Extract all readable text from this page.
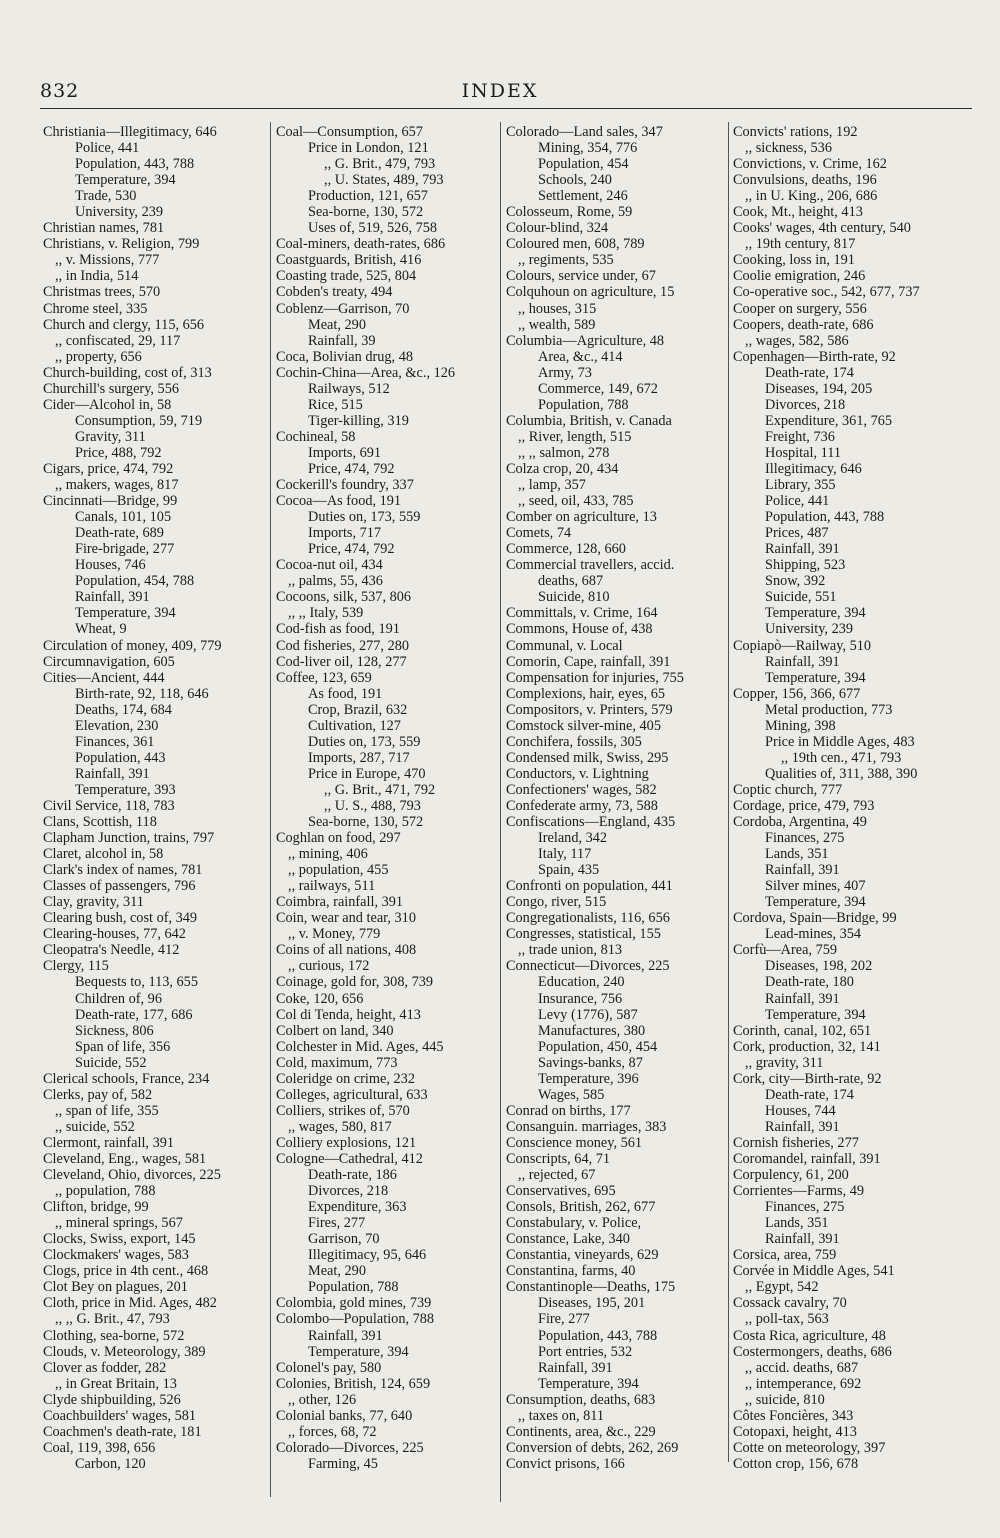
832	INDEX
Christiania—Illegitimacy, 646
Police, 441
Population, 443, 788
Temperature, 394
Trade, 530
University, 239
Christian names, 781
Christians, v. Religion, 799
,, v. Missions, 777
,, in India, 514
Christmas trees, 570
Chrome steel, 335
Church and clergy, 115, 656
,, confiscated, 29, 117
,, property, 656
Church-building, cost of, 313
Churchill's surgery, 556
Cider—Alcohol in, 58
Consumption, 59, 719
Gravity, 311
Price, 488, 792
Cigars, price, 474, 792
,, makers, wages, 817
Cincinnati—Bridge, 99
Canals, 101, 105
Death-rate, 689
Fire-brigade, 277
Houses, 746
Population, 454, 788
Rainfall, 391
Temperature, 394
Wheat, 9
Circulation of money, 409, 779
Circumnavigation, 605
Cities—Ancient, 444
Birth-rate, 92, 118, 646
Deaths, 174, 684
Elevation, 230
Finances, 361
Population, 443
Rainfall, 391
Temperature, 393
Civil Service, 118, 783
Clans, Scottish, 118
Clapham Junction, trains, 797
Claret, alcohol in, 58
Clark's index of names, 781
Classes of passengers, 796
Clay, gravity, 311
Clearing bush, cost of, 349
Clearing-houses, 77, 642
Cleopatra's Needle, 412
Clergy, 115
Bequests to, 113, 655
Children of, 96
Death-rate, 177, 686
Sickness, 806
Span of life, 356
Suicide, 552
Clerical schools, France, 234
Clerks, pay of, 582
,, span of life, 355
,, suicide, 552
Clermont, rainfall, 391
Cleveland, Eng., wages, 581
Cleveland, Ohio, divorces, 225
,, population, 788
Clifton, bridge, 99
,, mineral springs, 567
Clocks, Swiss, export, 145
Clockmakers' wages, 583
Clogs, price in 4th cent., 468
Clot Bey on plagues, 201
Cloth, price in Mid. Ages, 482
,, ,, G. Brit., 47, 793
Clothing, sea-borne, 572
Clouds, v. Meteorology, 389
Clover as fodder, 282
,, in Great Britain, 13
Clyde shipbuilding, 526
Coachbuilders' wages, 581
Coachmen's death-rate, 181
Coal, 119, 398, 656
Carbon, 120
Coal—Consumption, 657
Price in London, 121
,, G. Brit., 479, 793
,, U. States, 489, 793
Production, 121, 657
Sea-borne, 130, 572
Uses of, 519, 526, 758
Coal-miners, death-rates, 686
Coastguards, British, 416
Coasting trade, 525, 804
Cobden's treaty, 494
Coblenz—Garrison, 70
Meat, 290
Rainfall, 39
Coca, Bolivian drug, 48
Cochin-China—Area, &c., 126
Railways, 512
Rice, 515
Tiger-killing, 319
Cochineal, 58
Imports, 691
Price, 474, 792
Cockerill's foundry, 337
Cocoa—As food, 191
Duties on, 173, 559
Imports, 717
Price, 474, 792
Cocoa-nut oil, 434
,, palms, 55, 436
Cocoons, silk, 537, 806
,, ,, Italy, 539
Cod-fish as food, 191
Cod fisheries, 277, 280
Cod-liver oil, 128, 277
Coffee, 123, 659
As food, 191
Crop, Brazil, 632
Cultivation, 127
Duties on, 173, 559
Imports, 287, 717
Price in Europe, 470
,, G. Brit., 471, 792
,, U. S., 488, 793
Sea-borne, 130, 572
Coghlan on food, 297
,, mining, 406
,, population, 455
,, railways, 511
Coimbra, rainfall, 391
Coin, wear and tear, 310
,, v. Money, 779
Coins of all nations, 408
,, curious, 172
Coinage, gold for, 308, 739
Coke, 120, 656
Col di Tenda, height, 413
Colbert on land, 340
Colchester in Mid. Ages, 445
Cold, maximum, 773
Coleridge on crime, 232
Colleges, agricultural, 633
Colliers, strikes of, 570
,, wages, 580, 817
Colliery explosions, 121
Cologne—Cathedral, 412
Death-rate, 186
Divorces, 218
Expenditure, 363
Fires, 277
Garrison, 70
Illegitimacy, 95, 646
Meat, 290
Population, 788
Colombia, gold mines, 739
Colombo—Population, 788
Rainfall, 391
Temperature, 394
Colonel's pay, 580
Colonies, British, 124, 659
,, other, 126
Colonial banks, 77, 640
,, forces, 68, 72
Colorado—Divorces, 225
Farming, 45
Colorado—Land sales, 347
Mining, 354, 776
Population, 454
Schools, 240
Settlement, 246
Colosseum, Rome, 59
Colour-blind, 324
Coloured men, 608, 789
,, regiments, 535
Colours, service under, 67
Colquhoun on agriculture, 15
,, houses, 315
,, wealth, 589
Columbia—Agriculture, 48
Area, &c., 414
Army, 73
Commerce, 149, 672
Population, 788
Columbia, British, v. Canada
,, River, length, 515
,, ,, salmon, 278
Colza crop, 20, 434
,, lamp, 357
,, seed, oil, 433, 785
Comber on agriculture, 13
Comets, 74
Commerce, 128, 660
Commercial travellers, accid.
deaths, 687
Suicide, 810
Committals, v. Crime, 164
Commons, House of, 438
Communal, v. Local
Comorin, Cape, rainfall, 391
Compensation for injuries, 755
Complexions, hair, eyes, 65
Compositors, v. Printers, 579
Comstock silver-mine, 405
Conchifera, fossils, 305
Condensed milk, Swiss, 295
Conductors, v. Lightning
Confectioners' wages, 582
Confederate army, 73, 588
Confiscations—England, 435
Ireland, 342
Italy, 117
Spain, 435
Confronti on population, 441
Congo, river, 515
Congregationalists, 116, 656
Congresses, statistical, 155
,, trade union, 813
Connecticut—Divorces, 225
Education, 240
Insurance, 756
Levy (1776), 587
Manufactures, 380
Population, 450, 454
Savings-banks, 87
Temperature, 396
Wages, 585
Conrad on births, 177
Consanguin. marriages, 383
Conscience money, 561
Conscripts, 64, 71
,, rejected, 67
Conservatives, 695
Consols, British, 262, 677
Constabulary, v. Police,
Constance, Lake, 340
Constantia, vineyards, 629
Constantina, farms, 40
Constantinople—Deaths, 175
Diseases, 195, 201
Fire, 277
Population, 443, 788
Port entries, 532
Rainfall, 391
Temperature, 394
Consumption, deaths, 683
,, taxes on, 811
Continents, area, &c., 229
Conversion of debts, 262, 269
Convict prisons, 166
Convicts' rations, 192
,, sickness, 536
Convictions, v. Crime, 162
Convulsions, deaths, 196
,, in U. King., 206, 686
Cook, Mt., height, 413
Cooks' wages, 4th century, 540
,, 19th century, 817
Cooking, loss in, 191
Coolie emigration, 246
Co-operative soc., 542, 677, 737
Cooper on surgery, 556
Coopers, death-rate, 686
,, wages, 582, 586
Copenhagen—Birth-rate, 92
Death-rate, 174
Diseases, 194, 205
Divorces, 218
Expenditure, 361, 765
Freight, 736
Hospital, 111
Illegitimacy, 646
Library, 355
Police, 441
Population, 443, 788
Prices, 487
Rainfall, 391
Shipping, 523
Snow, 392
Suicide, 551
Temperature, 394
University, 239
Copiapò—Railway, 510
Rainfall, 391
Temperature, 394
Copper, 156, 366, 677
Metal production, 773
Mining, 398
Price in Middle Ages, 483
,, 19th cen., 471, 793
Qualities of, 311, 388, 390
Coptic church, 777
Cordage, price, 479, 793
Cordoba, Argentina, 49
Finances, 275
Lands, 351
Rainfall, 391
Silver mines, 407
Temperature, 394
Cordova, Spain—Bridge, 99
Lead-mines, 354
Corfù—Area, 759
Diseases, 198, 202
Death-rate, 180
Rainfall, 391
Temperature, 394
Corinth, canal, 102, 651
Cork, production, 32, 141
,, gravity, 311
Cork, city—Birth-rate, 92
Death-rate, 174
Houses, 744
Rainfall, 391
Cornish fisheries, 277
Coromandel, rainfall, 391
Corpulency, 61, 200
Corrientes—Farms, 49
Finances, 275
Lands, 351
Rainfall, 391
Corsica, area, 759
Corvée in Middle Ages, 541
,, Egypt, 542
Cossack cavalry, 70
,, poll-tax, 563
Costa Rica, agriculture, 48
Costermongers, deaths, 686
,, accid. deaths, 687
,, intemperance, 692
,, suicide, 810
Côtes Foncières, 343
Cotopaxi, height, 413
Cotte on meteorology, 397
Cotton crop, 156, 678
